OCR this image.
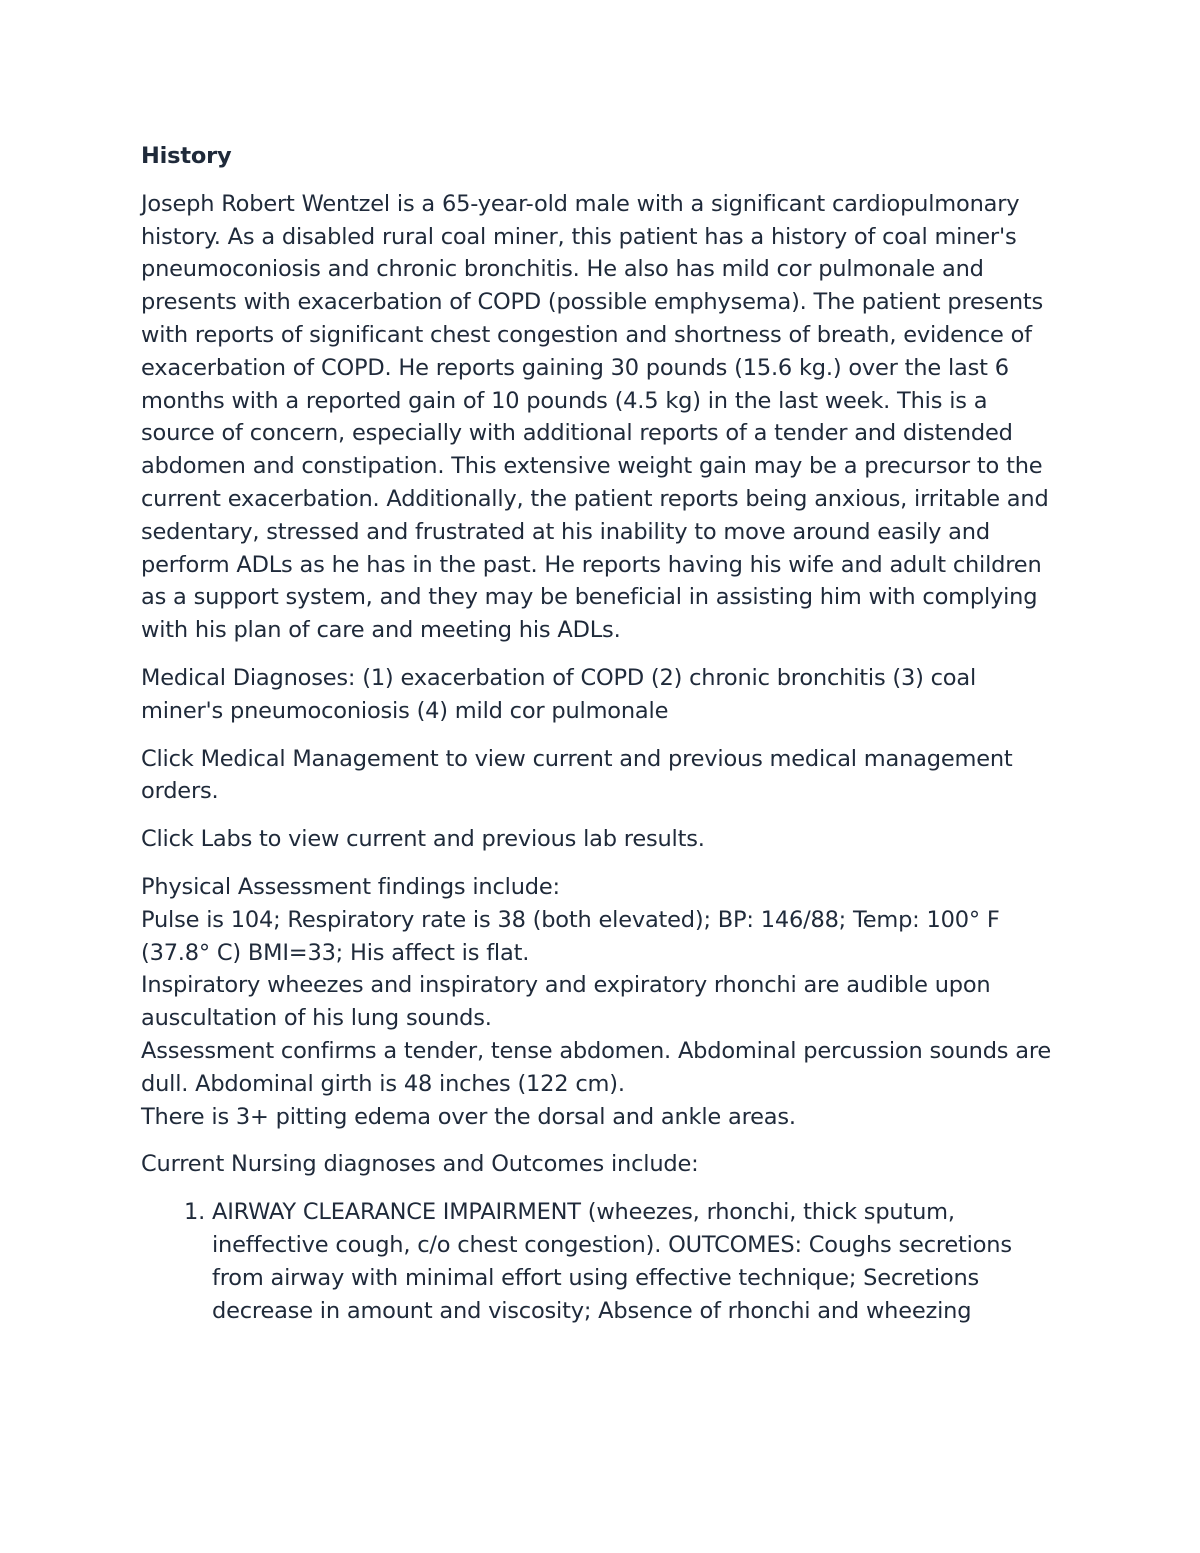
History

Joseph Robert Wentzel is a 65-year-old male with a significant cardiopulmonary history. As a disabled rural coal miner, this patient has a history of coal miner's pneumoconiosis and chronic bronchitis. He also has mild cor pulmonale and presents with exacerbation of COPD (possible emphysema). The patient presents with reports of significant chest congestion and shortness of breath, evidence of exacerbation of COPD. He reports gaining 30 pounds (15.6 kg.) over the last 6 months with a reported gain of 10 pounds (4.5 kg) in the last week. This is a source of concern, especially with additional reports of a tender and distended abdomen and constipation. This extensive weight gain may be a precursor to the current exacerbation. Additionally, the patient reports being anxious, irritable and sedentary, stressed and frustrated at his inability to move around easily and perform ADLs as he has in the past. He reports having his wife and adult children as a support system, and they may be beneficial in assisting him with complying with his plan of care and meeting his ADLs.

Medical Diagnoses: (1) exacerbation of COPD (2) chronic bronchitis (3) coal miner's pneumoconiosis (4) mild cor pulmonale

Click Medical Management to view current and previous medical management orders.

Click Labs to view current and previous lab results.

Physical Assessment findings include:

Pulse is 104; Respiratory rate is 38 (both elevated); BP: 146/88; Temp: 100° F (37.8° C) BMI=33; His affect is flat.

Inspiratory wheezes and inspiratory and expiratory rhonchi are audible upon auscultation of his lung sounds.

Assessment confirms a tender, tense abdomen. Abdominal percussion sounds are dull. Abdominal girth is 48 inches (122 cm).

There is 3+ pitting edema over the dorsal and ankle areas.

Current Nursing diagnoses and Outcomes include:

1. AIRWAY CLEARANCE IMPAIRMENT (wheezes, rhonchi, thick sputum, ineffective cough, c/o chest congestion). OUTCOMES: Coughs secretions from airway with minimal effort using effective technique; Secretions decrease in amount and viscosity; Absence of rhonchi and wheezing
